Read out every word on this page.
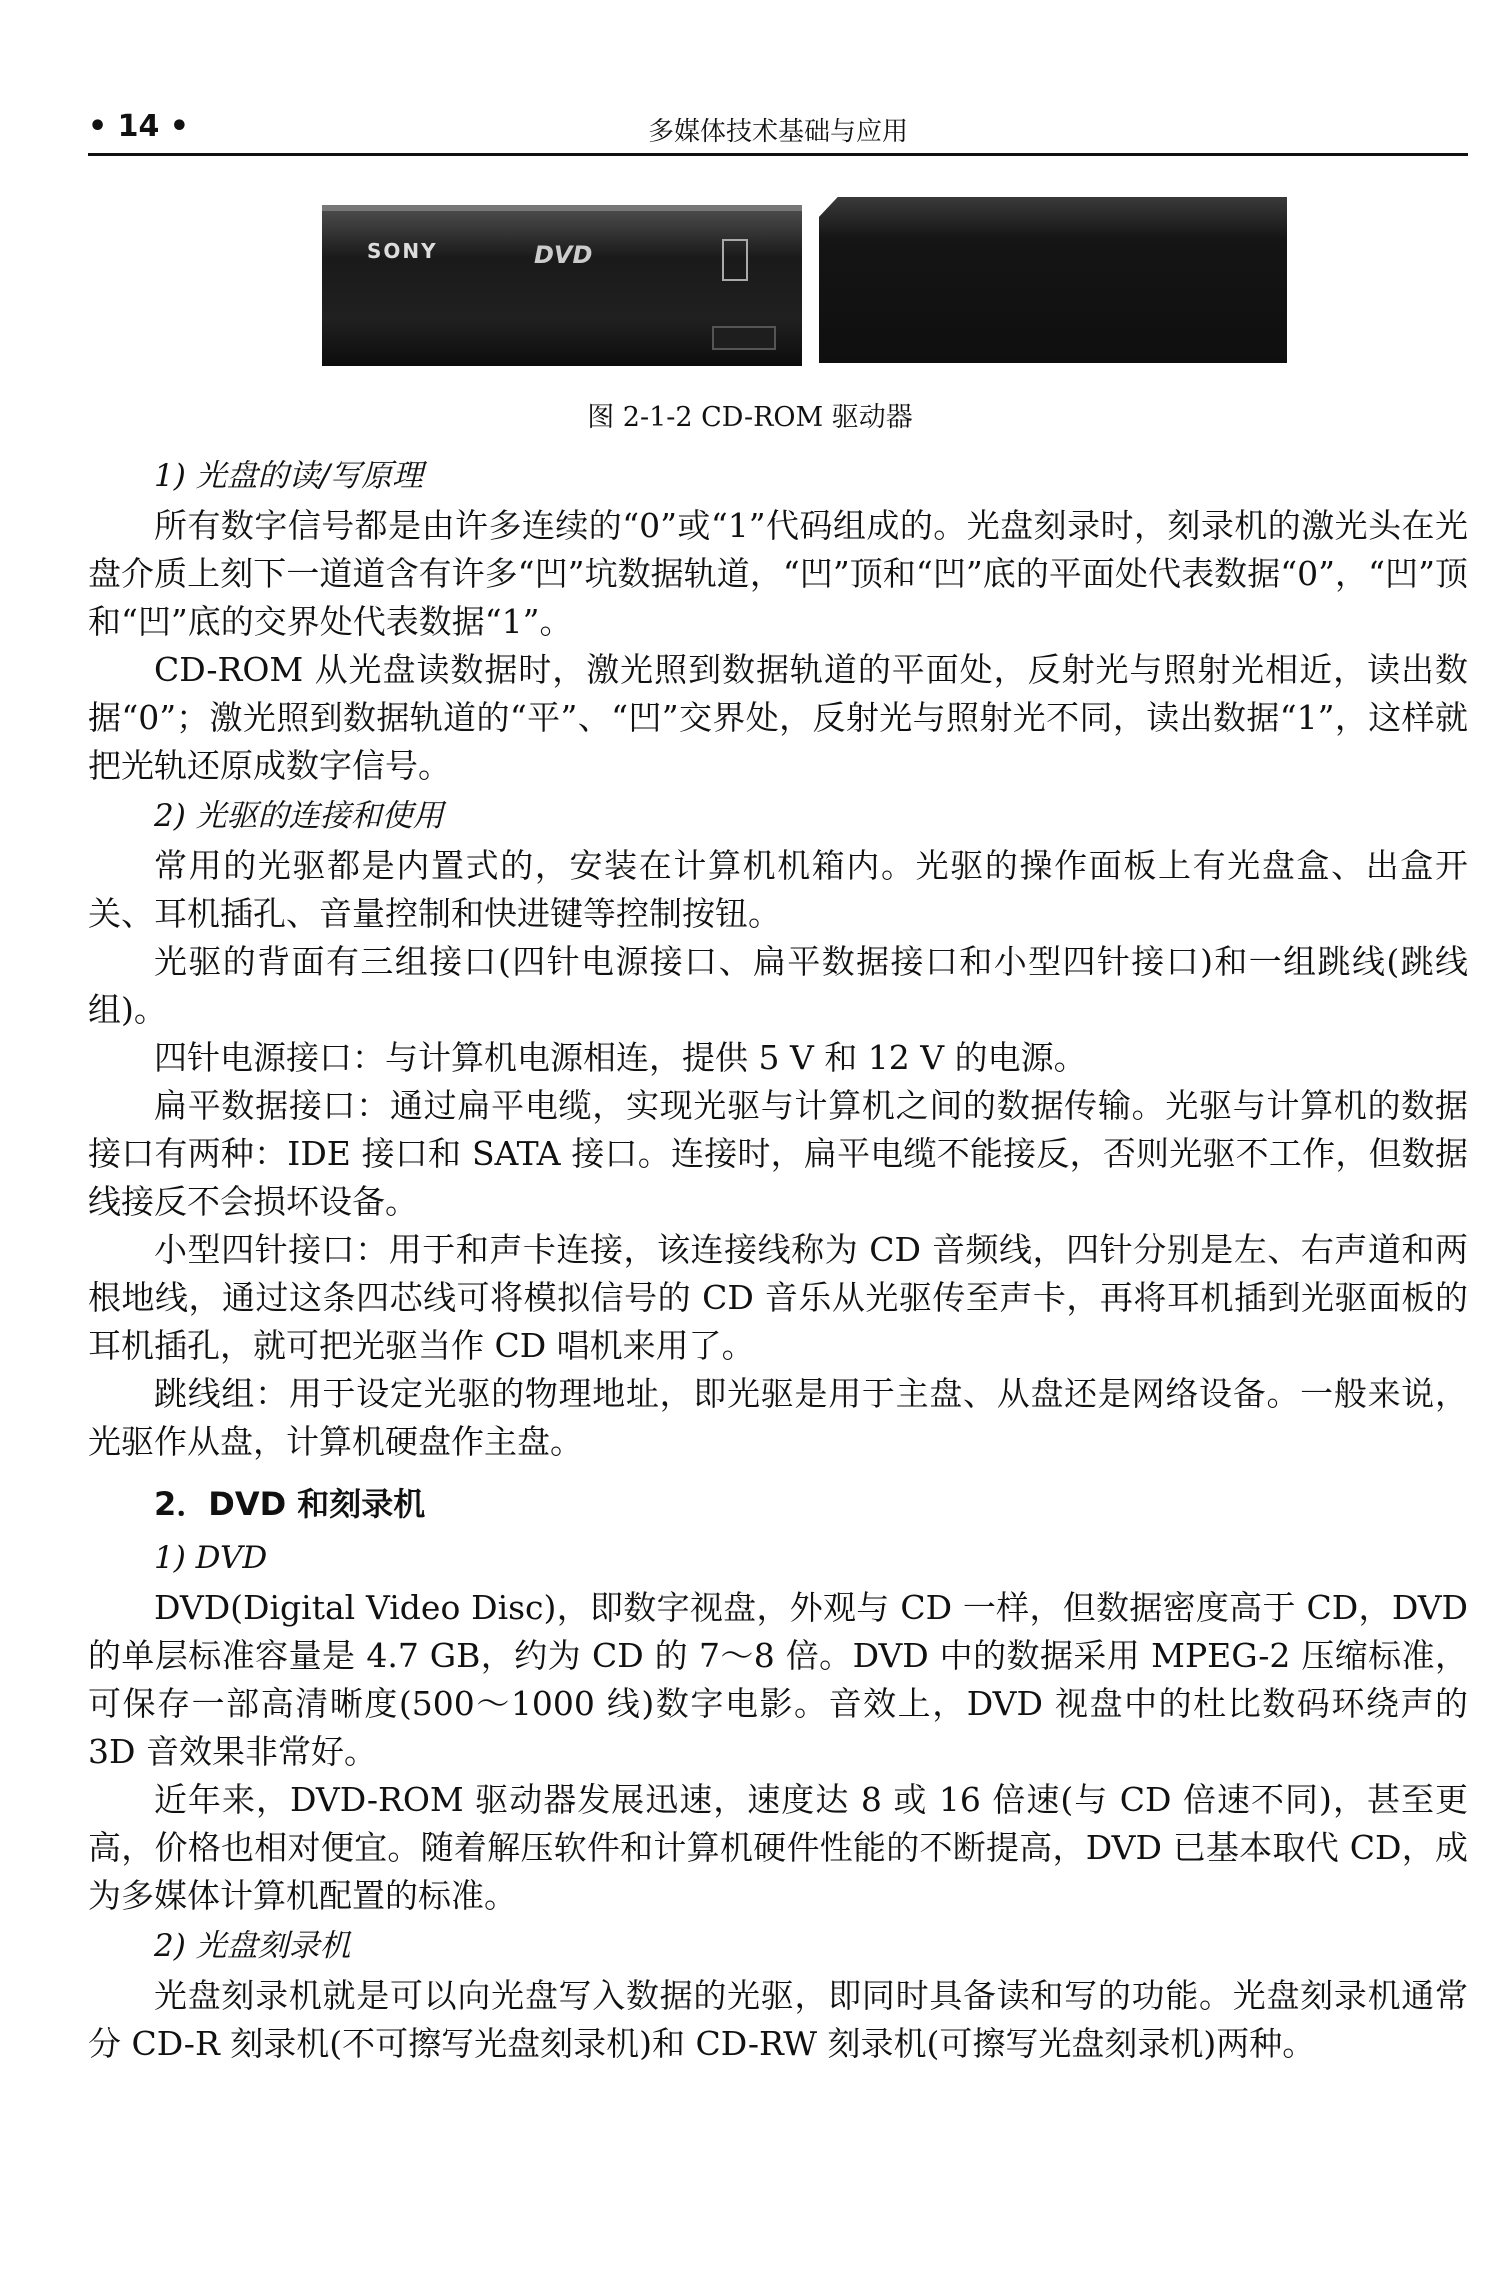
• 14 •	多媒体技术基础与应用
SONY	DVD
图 2-1-2 CD-ROM 驱动器
1) 光盘的读/写原理

所有数字信号都是由许多连续的“0”或“1”代码组成的。光盘刻录时，刻录机的激光头在光盘介质上刻下一道道含有许多“凹”坑数据轨道，“凹”顶和“凹”底的平面处代表数据“0”，“凹”顶和“凹”底的交界处代表数据“1”。

CD-ROM 从光盘读数据时，激光照到数据轨道的平面处，反射光与照射光相近，读出数据“0”；激光照到数据轨道的“平”、“凹”交界处，反射光与照射光不同，读出数据“1”，这样就把光轨还原成数字信号。

2) 光驱的连接和使用

常用的光驱都是内置式的，安装在计算机机箱内。光驱的操作面板上有光盘盒、出盒开关、耳机插孔、音量控制和快进键等控制按钮。

光驱的背面有三组接口(四针电源接口、扁平数据接口和小型四针接口)和一组跳线(跳线组)。

四针电源接口：与计算机电源相连，提供 5 V 和 12 V 的电源。

扁平数据接口：通过扁平电缆，实现光驱与计算机之间的数据传输。光驱与计算机的数据接口有两种：IDE 接口和 SATA 接口。连接时，扁平电缆不能接反，否则光驱不工作，但数据线接反不会损坏设备。

小型四针接口：用于和声卡连接，该连接线称为 CD 音频线，四针分别是左、右声道和两根地线，通过这条四芯线可将模拟信号的 CD 音乐从光驱传至声卡，再将耳机插到光驱面板的耳机插孔，就可把光驱当作 CD 唱机来用了。

跳线组：用于设定光驱的物理地址，即光驱是用于主盘、从盘还是网络设备。一般来说，光驱作从盘，计算机硬盘作主盘。

2．DVD 和刻录机
1) DVD

DVD(Digital Video Disc)，即数字视盘，外观与 CD 一样，但数据密度高于 CD，DVD 的单层标准容量是 4.7 GB，约为 CD 的 7～8 倍。DVD 中的数据采用 MPEG-2 压缩标准，可保存一部高清晰度(500～1000 线)数字电影。音效上，DVD 视盘中的杜比数码环绕声的 3D 音效果非常好。

近年来，DVD-ROM 驱动器发展迅速，速度达 8 或 16 倍速(与 CD 倍速不同)，甚至更高，价格也相对便宜。随着解压软件和计算机硬件性能的不断提高，DVD 已基本取代 CD，成为多媒体计算机配置的标准。

2) 光盘刻录机

光盘刻录机就是可以向光盘写入数据的光驱，即同时具备读和写的功能。光盘刻录机通常分 CD-R 刻录机(不可擦写光盘刻录机)和 CD-RW 刻录机(可擦写光盘刻录机)两种。
